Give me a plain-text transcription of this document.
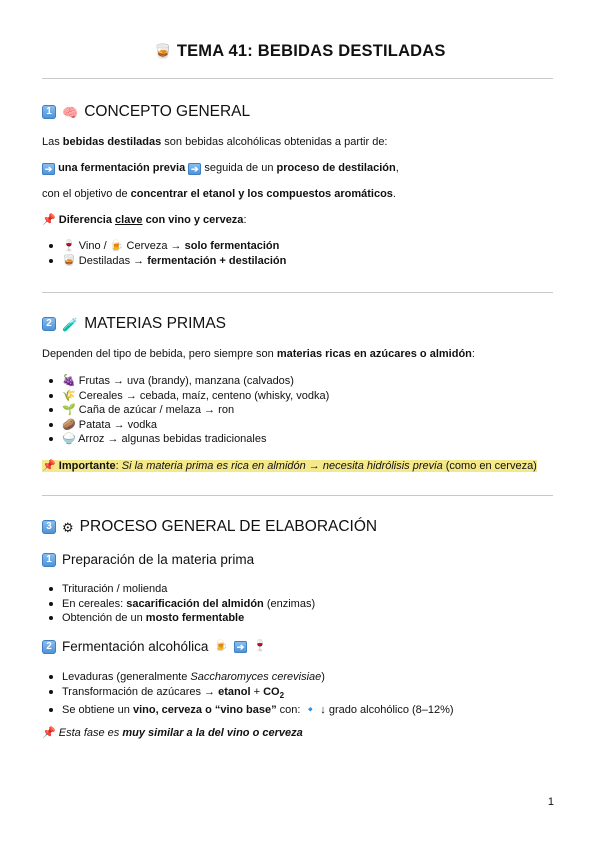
🥃 TEMA 41: BEBIDAS DESTILADAS
1 🧠 CONCEPTO GENERAL
Las bebidas destiladas son bebidas alcohólicas obtenidas a partir de:
➔ una fermentación previa ➔ seguida de un proceso de destilación,
con el objetivo de concentrar el etanol y los compuestos aromáticos.
📌 Diferencia clave con vino y cerveza:
🍷 Vino / 🍺 Cerveza → solo fermentación
🥃 Destiladas → fermentación + destilación
2 🧪 MATERIAS PRIMAS
Dependen del tipo de bebida, pero siempre son materias ricas en azúcares o almidón:
🍇 Frutas → uva (brandy), manzana (calvados)
🌾 Cereales → cebada, maíz, centeno (whisky, vodka)
🌱 Caña de azúcar / melaza → ron
🥔 Patata → vodka
🍚 Arroz → algunas bebidas tradicionales
📌 Importante: Si la materia prima es rica en almidón → necesita hidrólisis previa (como en cerveza)
3 ⚙ PROCESO GENERAL DE ELABORACIÓN
1 Preparación de la materia prima
Trituración / molienda
En cereales: sacarificación del almidón (enzimas)
Obtención de un mosto fermentable
2 Fermentación alcohólica 🍺 ➔ 🍷
Levaduras (generalmente Saccharomyces cerevisiae)
Transformación de azúcares → etanol + $CO_2$
Se obtiene un vino, cerveza o “vino base” con: 🔹 ↓ grado alcohólico (8–12%)
📌 Esta fase es muy similar a la del vino o cerveza
1
